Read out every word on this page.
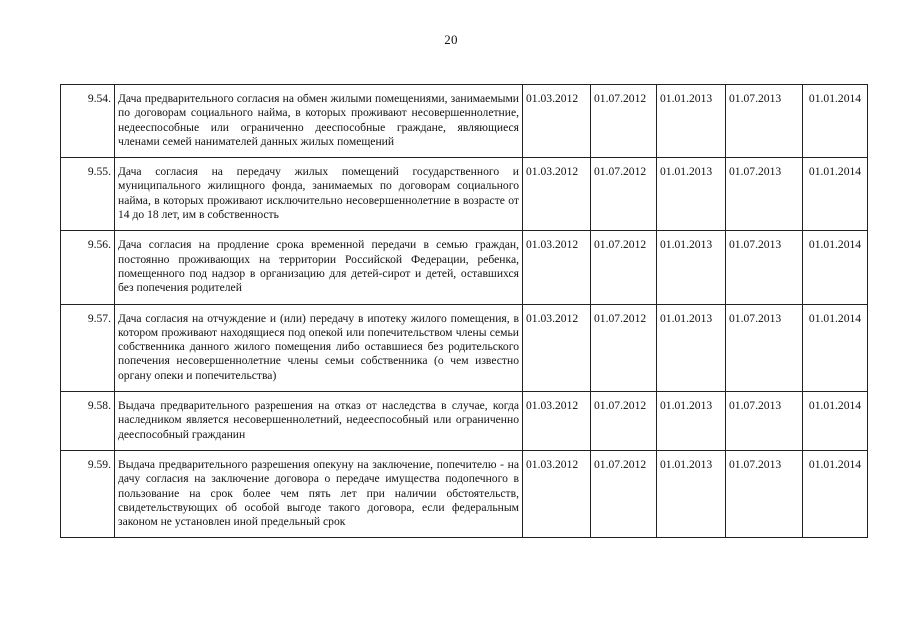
20
9.54.	Дача предварительного согласия на обмен жилыми помещениями, занимаемыми по договорам социального найма, в которых проживают несовершеннолетние, недееспособные или ограниченно дееспособные граждане, являющиеся членами семей нанимателей данных жилых помещений	01.03.2012	01.07.2012	01.01.2013	01.07.2013	01.01.2014
9.55.	Дача согласия на передачу жилых помещений государственного и муниципального жилищного фонда, занимаемых по договорам социального найма, в которых проживают исключительно несовершеннолетние в возрасте от 14 до 18 лет, им в собственность	01.03.2012	01.07.2012	01.01.2013	01.07.2013	01.01.2014
9.56.	Дача согласия на продление срока временной передачи в семью граждан, постоянно проживающих на территории Российской Федерации, ребенка, помещенного под надзор в организацию для детей-сирот и детей, оставшихся без попечения родителей	01.03.2012	01.07.2012	01.01.2013	01.07.2013	01.01.2014
9.57.	Дача согласия на отчуждение и (или) передачу в ипотеку жилого помещения, в котором проживают находящиеся под опекой или попечительством члены семьи собственника данного жилого помещения либо оставшиеся без родительского попечения несовершеннолетние члены семьи собственника (о чем известно органу опеки и попечительства)	01.03.2012	01.07.2012	01.01.2013	01.07.2013	01.01.2014
9.58.	Выдача предварительного разрешения на отказ от наследства в случае, когда наследником является несовершеннолетний, недееспособный или ограниченно дееспособный гражданин	01.03.2012	01.07.2012	01.01.2013	01.07.2013	01.01.2014
9.59.	Выдача предварительного разрешения опекуну на заключение, попечителю - на дачу согласия на заключение договора о передаче имущества подопечного в пользование на срок более чем пять лет при наличии обстоятельств, свидетельствующих об особой выгоде такого договора, если федеральным законом не установлен иной предельный срок	01.03.2012	01.07.2012	01.01.2013	01.07.2013	01.01.2014
